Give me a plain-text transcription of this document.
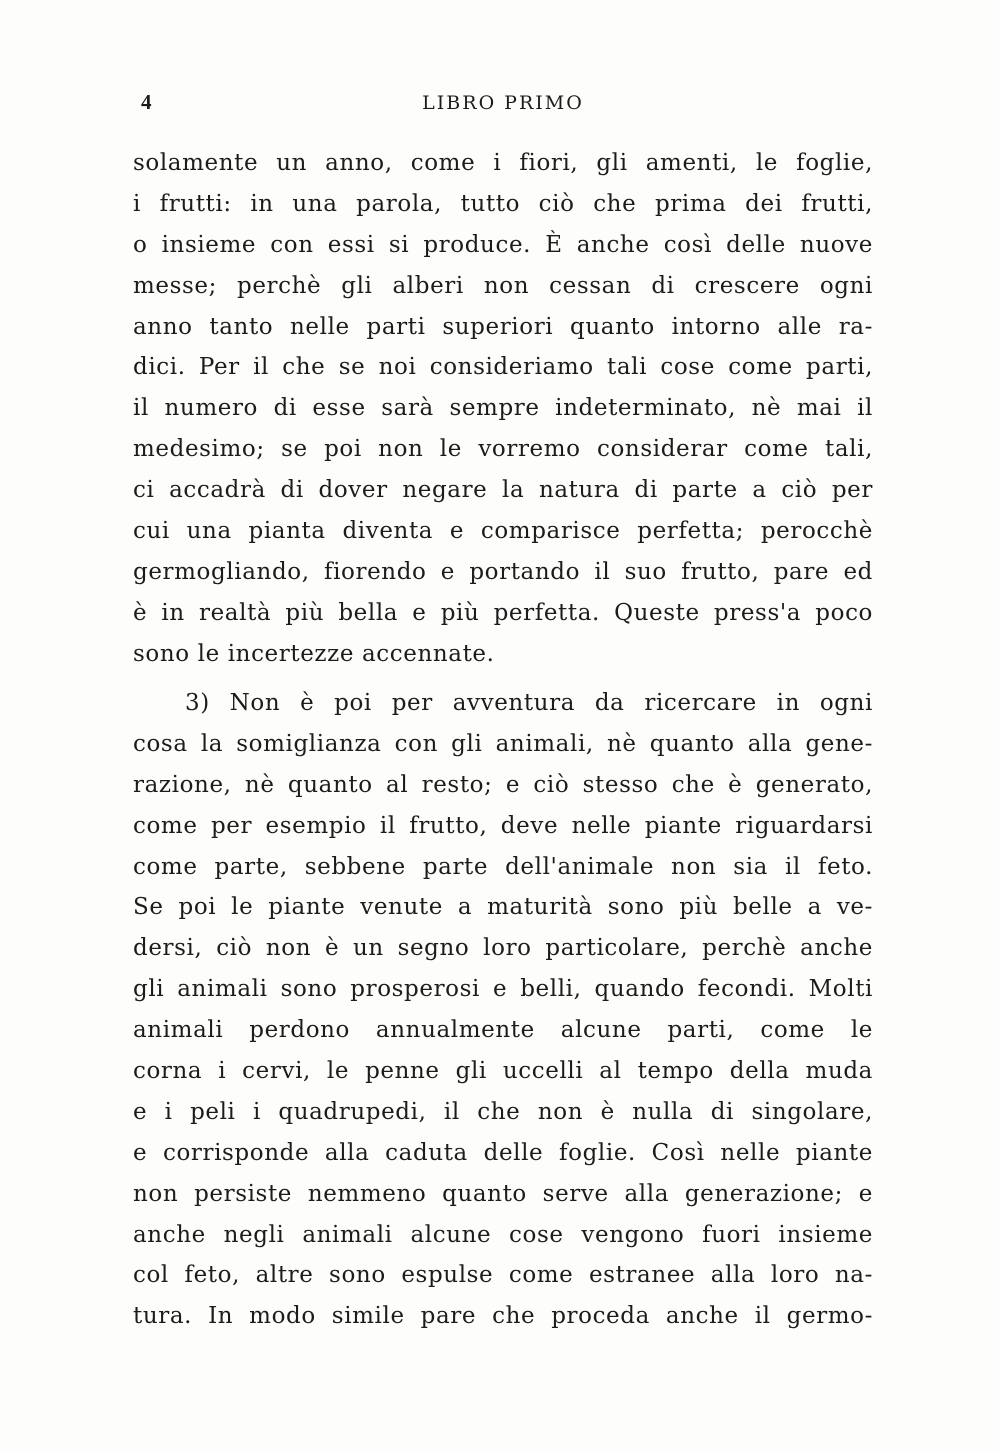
4	LIBRO PRIMO
solamente un anno, come i fiori, gli amenti, le foglie,
i frutti: in una parola, tutto ciò che prima dei frutti,
o insieme con essi si produce. È anche così delle nuove
messe; perchè gli alberi non cessan di crescere ogni
anno tanto nelle parti superiori quanto intorno alle ra-
dici. Per il che se noi consideriamo tali cose come parti,
il numero di esse sarà sempre indeterminato, nè mai il
medesimo; se poi non le vorremo considerar come tali,
ci accadrà di dover negare la natura di parte a ciò per
cui una pianta diventa e comparisce perfetta; perocchè
germogliando, fiorendo e portando il suo frutto, pare ed
è in realtà più bella e più perfetta. Queste press'a poco
sono le incertezze accennate.
3) Non è poi per avventura da ricercare in ogni
cosa la somiglianza con gli animali, nè quanto alla gene-
razione, nè quanto al resto; e ciò stesso che è generato,
come per esempio il frutto, deve nelle piante riguardarsi
come parte, sebbene parte dell'animale non sia il feto.
Se poi le piante venute a maturità sono più belle a ve-
dersi, ciò non è un segno loro particolare, perchè anche
gli animali sono prosperosi e belli, quando fecondi. Molti
animali perdono annualmente alcune parti, come le
corna i cervi, le penne gli uccelli al tempo della muda
e i peli i quadrupedi, il che non è nulla di singolare,
e corrisponde alla caduta delle foglie. Così nelle piante
non persiste nemmeno quanto serve alla generazione; e
anche negli animali alcune cose vengono fuori insieme
col feto, altre sono espulse come estranee alla loro na-
tura. In modo simile pare che proceda anche il germo-
